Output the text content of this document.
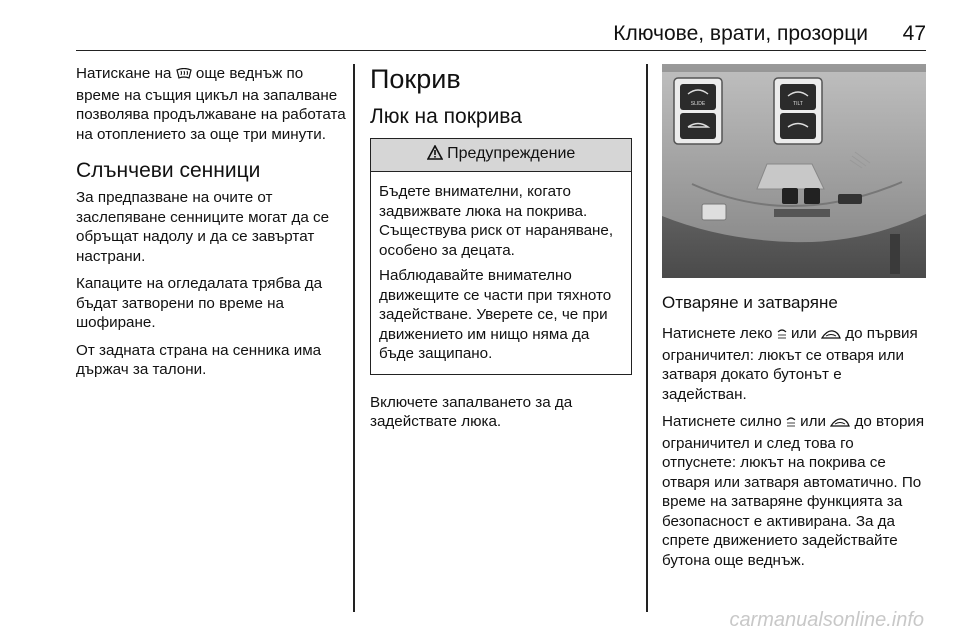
Ключове, врати, прозорци 47

Натискане на още веднъж по време на същия цикъл на запалване позволява продължаване на работата на отоплението за още три минути.

Слънчеви сенници

За предпазване на очите от заслепяване сенниците могат да се обръщат надолу и да се завъртат настрани.

Капаците на огледалата трябва да бъдат затворени по време на шофиране.

От задната страна на сенника има държач за талони.

Покрив
Люк на покрива
Предупреждение

Бъдете внимателни, когато задвижвате люка на покрива. Съществува риск от нараняване, особено за децата.

Наблюдавайте внимателно движещите се части при тяхното задействане. Уверете се, че при движението им нищо няма да бъде защипано.

Включете запалването за да задействате люка.

SLIDE	TILT
Отваряне и затваряне

Натиснете леко или до първия ограничител: люкът се отваря или затваря докато бутонът е задействан.

Натиснете силно или до втория ограничител и след това го отпуснете: люкът на покрива се отваря или затваря автоматично. По време на затваряне функцията за безопасност е активирана. За да спрете движението задействайте бутона още веднъж.

carmanualsonline.info
